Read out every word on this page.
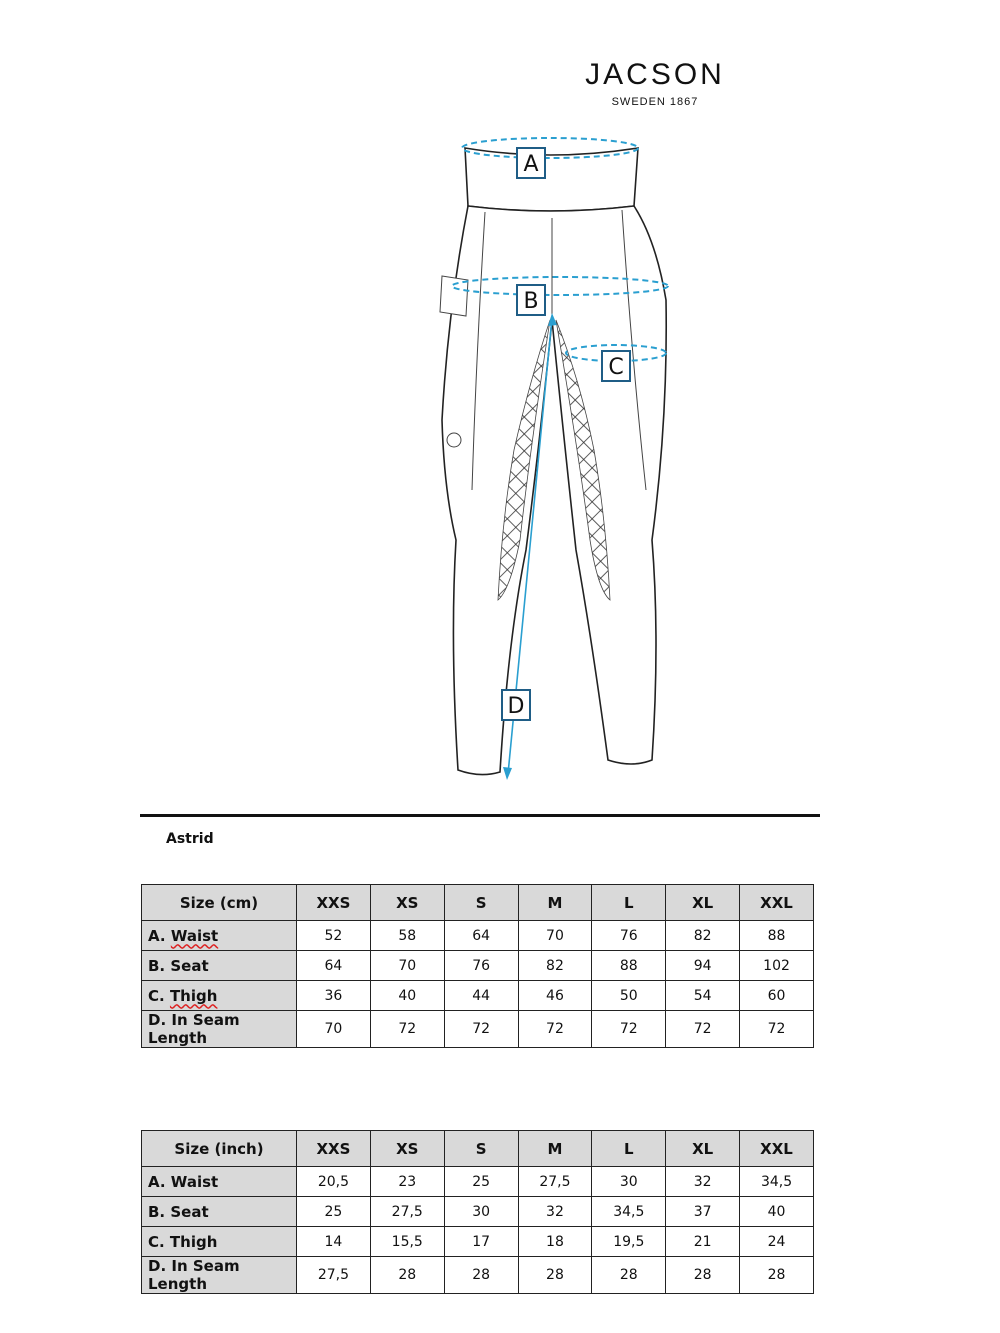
JACSON
SWEDEN 1867
A
B
C
D
Astrid
Size (cm)	XXS	XS	S	M	L	XL	XXL
A. Waist	52	58	64	70	76	82	88
B. Seat	64	70	76	82	88	94	102
C. Thigh	36	40	44	46	50	54	60
D. In Seam Length	70	72	72	72	72	72	72
Size (inch)	XXS	XS	S	M	L	XL	XXL
A. Waist	20,5	23	25	27,5	30	32	34,5
B. Seat	25	27,5	30	32	34,5	37	40
C. Thigh	14	15,5	17	18	19,5	21	24
D. In Seam Length	27,5	28	28	28	28	28	28
